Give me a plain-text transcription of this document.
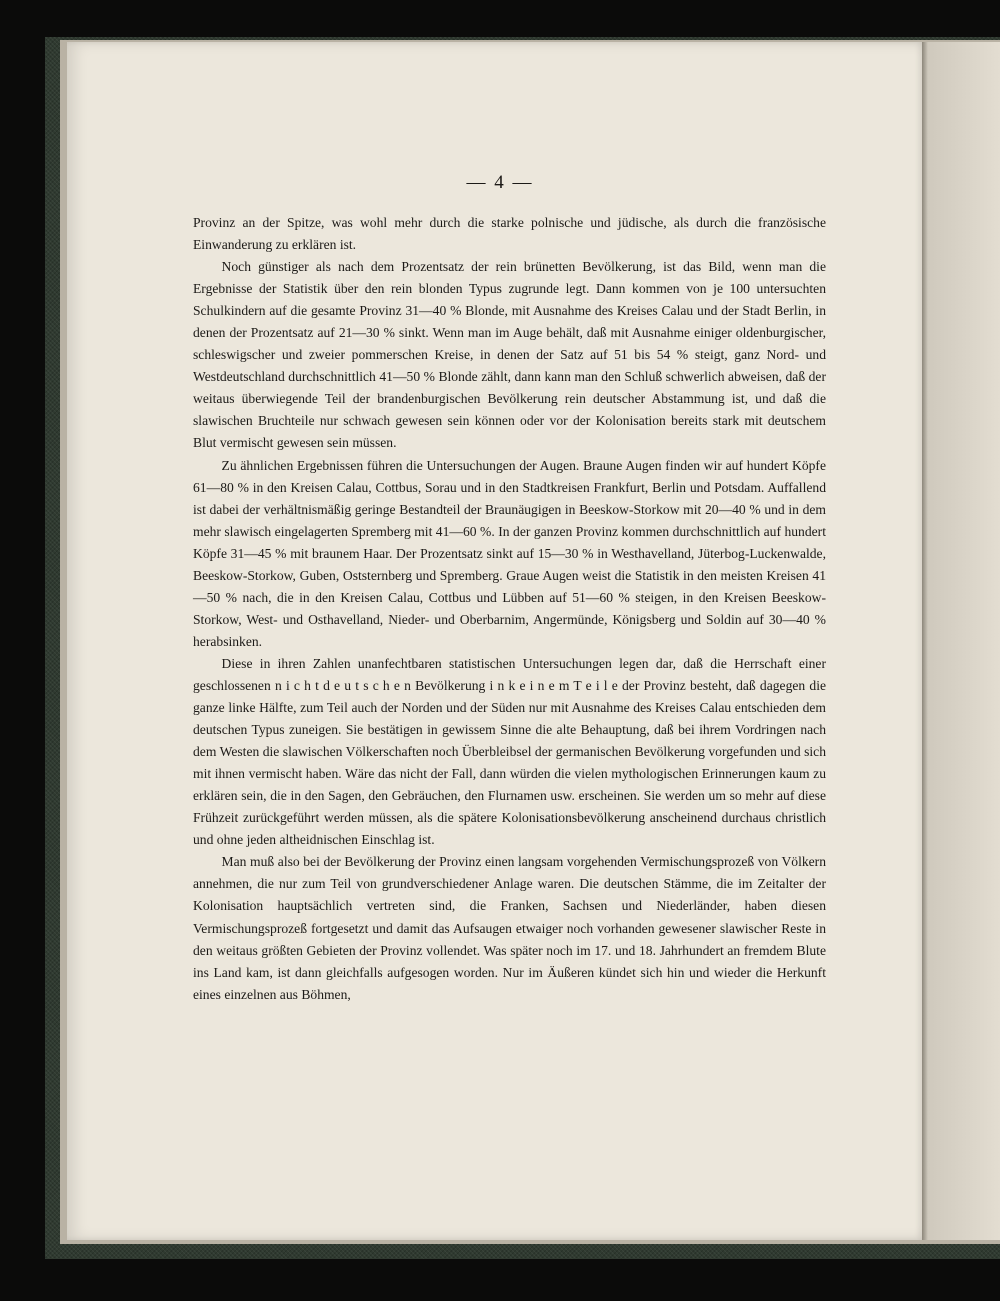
— 4 —

Provinz an der Spitze, was wohl mehr durch die starke polnische und jüdische, als durch die französische Einwanderung zu erklären ist.

Noch günstiger als nach dem Prozentsatz der rein brünetten Bevölkerung, ist das Bild, wenn man die Ergebnisse der Statistik über den rein blonden Typus zugrunde legt. Dann kommen von je 100 untersuchten Schulkindern auf die gesamte Provinz 31—40 % Blonde, mit Ausnahme des Kreises Calau und der Stadt Berlin, in denen der Prozentsatz auf 21—30 % sinkt. Wenn man im Auge behält, daß mit Ausnahme einiger oldenburgischer, schleswigscher und zweier pommerschen Kreise, in denen der Satz auf 51 bis 54 % steigt, ganz Nord- und Westdeutschland durchschnittlich 41—50 % Blonde zählt, dann kann man den Schluß schwerlich abweisen, daß der weitaus überwiegende Teil der brandenburgischen Bevölkerung rein deutscher Abstammung ist, und daß die slawischen Bruchteile nur schwach gewesen sein können oder vor der Kolonisation bereits stark mit deutschem Blut vermischt gewesen sein müssen.

Zu ähnlichen Ergebnissen führen die Untersuchungen der Augen. Braune Augen finden wir auf hundert Köpfe 61—80 % in den Kreisen Calau, Cottbus, Sorau und in den Stadtkreisen Frankfurt, Berlin und Potsdam. Auffallend ist dabei der verhältnismäßig geringe Bestandteil der Braunäugigen in Beeskow-Storkow mit 20—40 % und in dem mehr slawisch eingelagerten Spremberg mit 41—60 %. In der ganzen Provinz kommen durchschnittlich auf hundert Köpfe 31—45 % mit braunem Haar. Der Prozentsatz sinkt auf 15—30 % in Westhavelland, Jüterbog-Luckenwalde, Beeskow-Storkow, Guben, Oststernberg und Spremberg. Graue Augen weist die Statistik in den meisten Kreisen 41—50 % nach, die in den Kreisen Calau, Cottbus und Lübben auf 51—60 % steigen, in den Kreisen Beeskow-Storkow, West- und Osthavelland, Nieder- und Oberbarnim, Angermünde, Königsberg und Soldin auf 30—40 % herabsinken.

Diese in ihren Zahlen unanfechtbaren statistischen Untersuchungen legen dar, daß die Herrschaft einer geschlossenen n i c h t d e u t s c h e n Bevölkerung i n k e i n e m T e i l e der Provinz besteht, daß dagegen die ganze linke Hälfte, zum Teil auch der Norden und der Süden nur mit Ausnahme des Kreises Calau entschieden dem deutschen Typus zuneigen. Sie bestätigen in gewissem Sinne die alte Behauptung, daß bei ihrem Vordringen nach dem Westen die slawischen Völkerschaften noch Überbleibsel der germanischen Bevölkerung vorgefunden und sich mit ihnen vermischt haben. Wäre das nicht der Fall, dann würden die vielen mythologischen Erinnerungen kaum zu erklären sein, die in den Sagen, den Gebräuchen, den Flurnamen usw. erscheinen. Sie werden um so mehr auf diese Frühzeit zurückgeführt werden müssen, als die spätere Kolonisationsbevölkerung anscheinend durchaus christlich und ohne jeden altheidnischen Einschlag ist.

Man muß also bei der Bevölkerung der Provinz einen langsam vorgehenden Vermischungsprozeß von Völkern annehmen, die nur zum Teil von grundverschiedener Anlage waren. Die deutschen Stämme, die im Zeitalter der Kolonisation hauptsächlich vertreten sind, die Franken, Sachsen und Niederländer, haben diesen Vermischungsprozeß fortgesetzt und damit das Aufsaugen etwaiger noch vorhanden gewesener slawischer Reste in den weitaus größten Gebieten der Provinz vollendet. Was später noch im 17. und 18. Jahrhundert an fremdem Blute ins Land kam, ist dann gleichfalls aufgesogen worden. Nur im Äußeren kündet sich hin und wieder die Herkunft eines einzelnen aus Böhmen,
